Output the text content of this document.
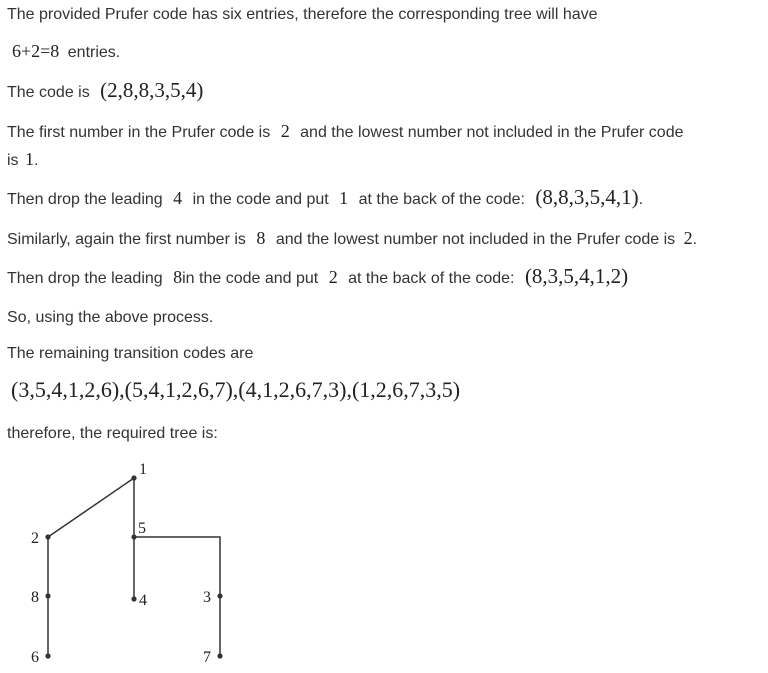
The provided Prufer code has six entries, therefore the corresponding tree will have
6+2=8 entries.
The code is (2,8,8,3,5,4)
The first number in the Prufer code is 2 and the lowest number not included in the Prufer code
is 1.
Then drop the leading 4 in the code and put 1 at the back of the code: (8,8,3,5,4,1).
Similarly, again the first number is 8 and the lowest number not included in the Prufer code is 2.
Then drop the leading 8in the code and put 2 at the back of the code: (8,3,5,4,1,2)
So, using the above process.
The remaining transition codes are
(3,5,4,1,2,6),(5,4,1,2,6,7),(4,1,2,6,7,3),(1,2,6,7,3,5)
therefore, the required tree is:
1
2
5
8	4	3
6	7
